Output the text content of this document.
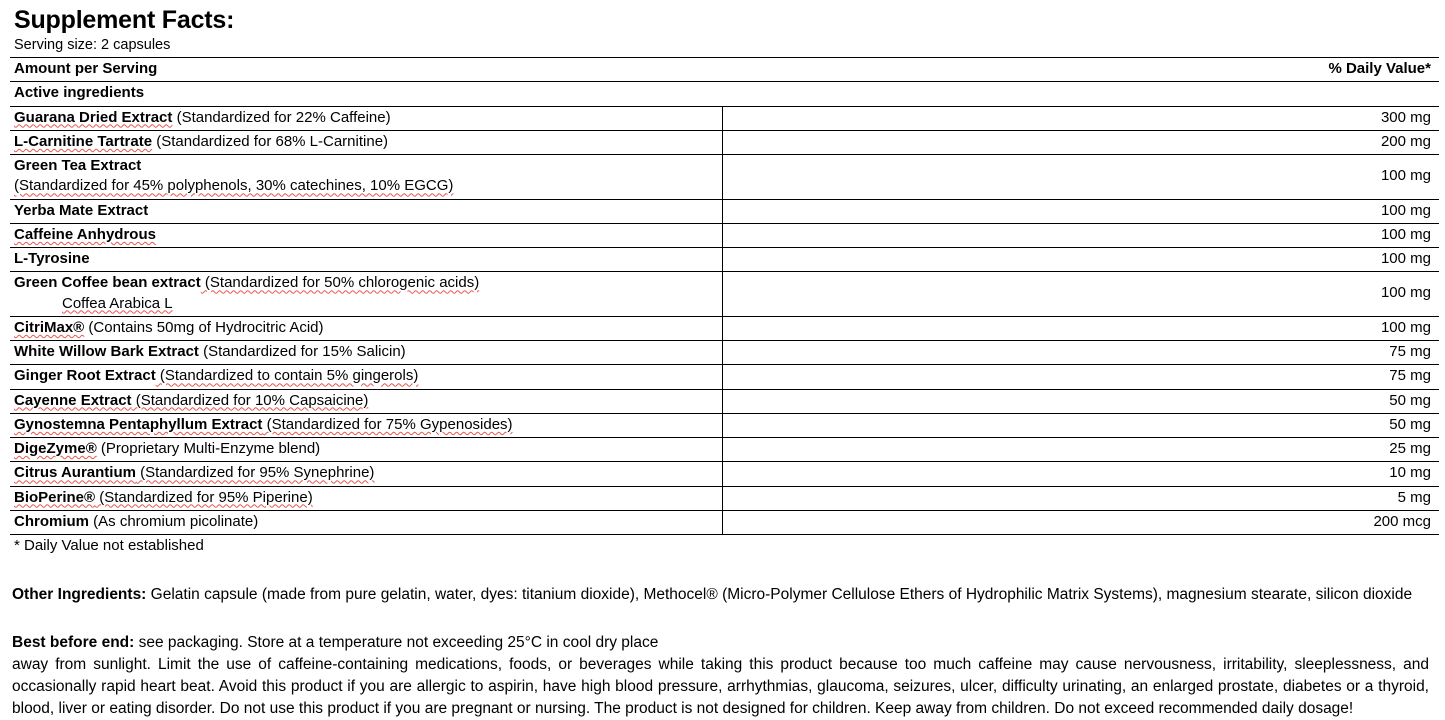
Supplement Facts:
Serving size: 2 capsules
Amount per Serving	% Daily Value*
Active ingredients	
Guarana Dried Extract (Standardized for 22% Caffeine)	300 mg
L-Carnitine Tartrate (Standardized for 68% L-Carnitine)	200 mg
Green Tea Extract
(Standardized for 45% polyphenols, 30% catechines, 10% EGCG)	100 mg
Yerba Mate Extract	100 mg
Caffeine Anhydrous	100 mg
L-Tyrosine	100 mg
Green Coffee bean extract (Standardized for 50% chlorogenic acids)
Coffea Arabica L	100 mg
CitriMax® (Contains 50mg of Hydrocitric Acid)	100 mg
White Willow Bark Extract (Standardized for 15% Salicin)	75 mg
Ginger Root Extract (Standardized to contain 5% gingerols)	75 mg
Cayenne Extract (Standardized for 10% Capsaicine)	50 mg
Gynostemna Pentaphyllum Extract (Standardized for 75% Gypenosides)	50 mg
DigeZyme® (Proprietary Multi-Enzyme blend)	25 mg
Citrus Aurantium (Standardized for 95% Synephrine)	10 mg
BioPerine® (Standardized for 95% Piperine)	5 mg
Chromium (As chromium picolinate)	200 mcg
* Daily Value not established	
Other Ingredients: Gelatin capsule (made from pure gelatin, water, dyes: titanium dioxide), Methocel® (Micro-Polymer Cellulose Ethers of Hydrophilic Matrix Systems), magnesium stearate, silicon dioxide
Best before end: see packaging. Store at a temperature not exceeding 25°C in cool dry place
away from sunlight. Limit the use of caffeine-containing medications, foods, or beverages while taking this product because too much caffeine may cause nervousness, irritability, sleeplessness, and occasionally rapid heart beat. Avoid this product if you are allergic to aspirin, have high blood pressure, arrhythmias, glaucoma, seizures, ulcer, difficulty urinating, an enlarged prostate, diabetes or a thyroid, blood, liver or eating disorder. Do not use this product if you are pregnant or nursing. The product is not designed for children. Keep away from children. Do not exceed recommended daily dosage!
